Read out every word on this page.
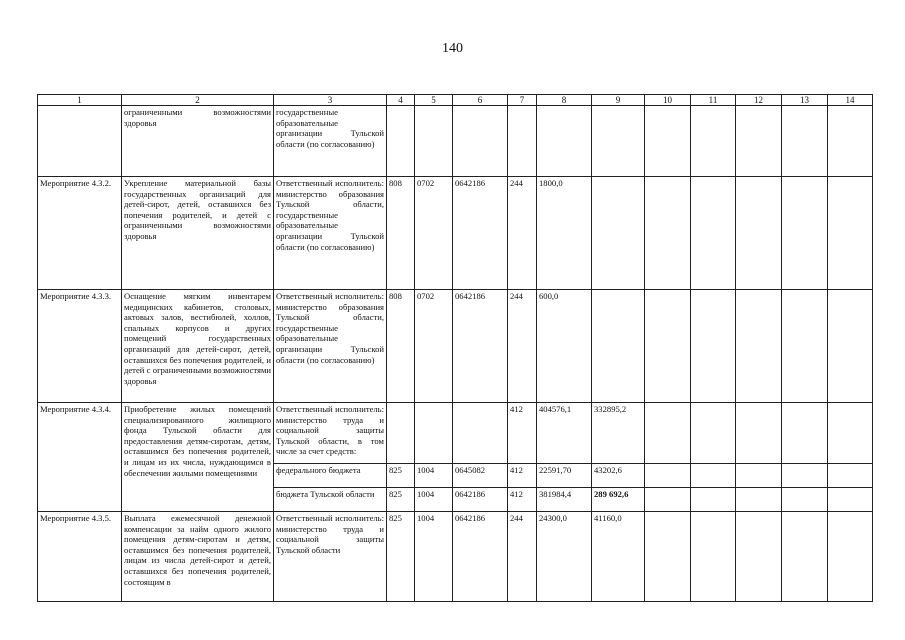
140
1	2	3	4	5	6	7	8	9	10	11	12	13	14
	ограниченными возможностями здоровья	государственные образовательные организации Тульской области (по согласованию)											
Мероприятие 4.3.2.	Укрепление материальной базы государственных организаций для детей-сирот, детей, оставшихся без попечения родителей, и детей с ограниченными возможностями здоровья	Ответственный исполнитель: министерство образования Тульской области, государственные образовательные организации Тульской области (по согласованию)	808	0702	0642186	244	1800,0						
Мероприятие 4.3.3.	Оснащение мягким инвентарем медицинских кабинетов, столовых, актовых залов, вестибюлей, холлов, спальных корпусов и других помещений государственных организаций для детей-сирот, детей, оставшихся без попечения родителей, и детей с ограниченными возможностями здоровья	Ответственный исполнитель: министерство образования Тульской области, государственные образовательные организации Тульской области (по согласованию)	808	0702	0642186	244	600,0						
Мероприятие 4.3.4.	Приобретение жилых помещений специализированного жилищного фонда Тульской области для предоставления детям-сиротам, детям, оставшимся без попечения родителей, и лицам из их числа, нуждающимся в обеспечении жилыми помещениями	Ответственный исполнитель: министерство труда и социальной защиты Тульской области, в том числе за счет средств:				412	404576,1	332895,2					
		федерального бюджета	825	1004	0645082	412	22591,70	43202,6					
		бюджета Тульской области	825	1004	0642186	412	381984,4	289 692,6					
Мероприятие 4.3.5.	Выплата ежемесячной денежной компенсации за найм одного жилого помещения детям-сиротам и детям, оставшимся без попечения родителей, лицам из числа детей-сирот и детей, оставшихся без попечения родителей, состоящим в	Ответственный исполнитель: министерство труда и социальной защиты Тульской области	825	1004	0642186	244	24300,0	41160,0					
